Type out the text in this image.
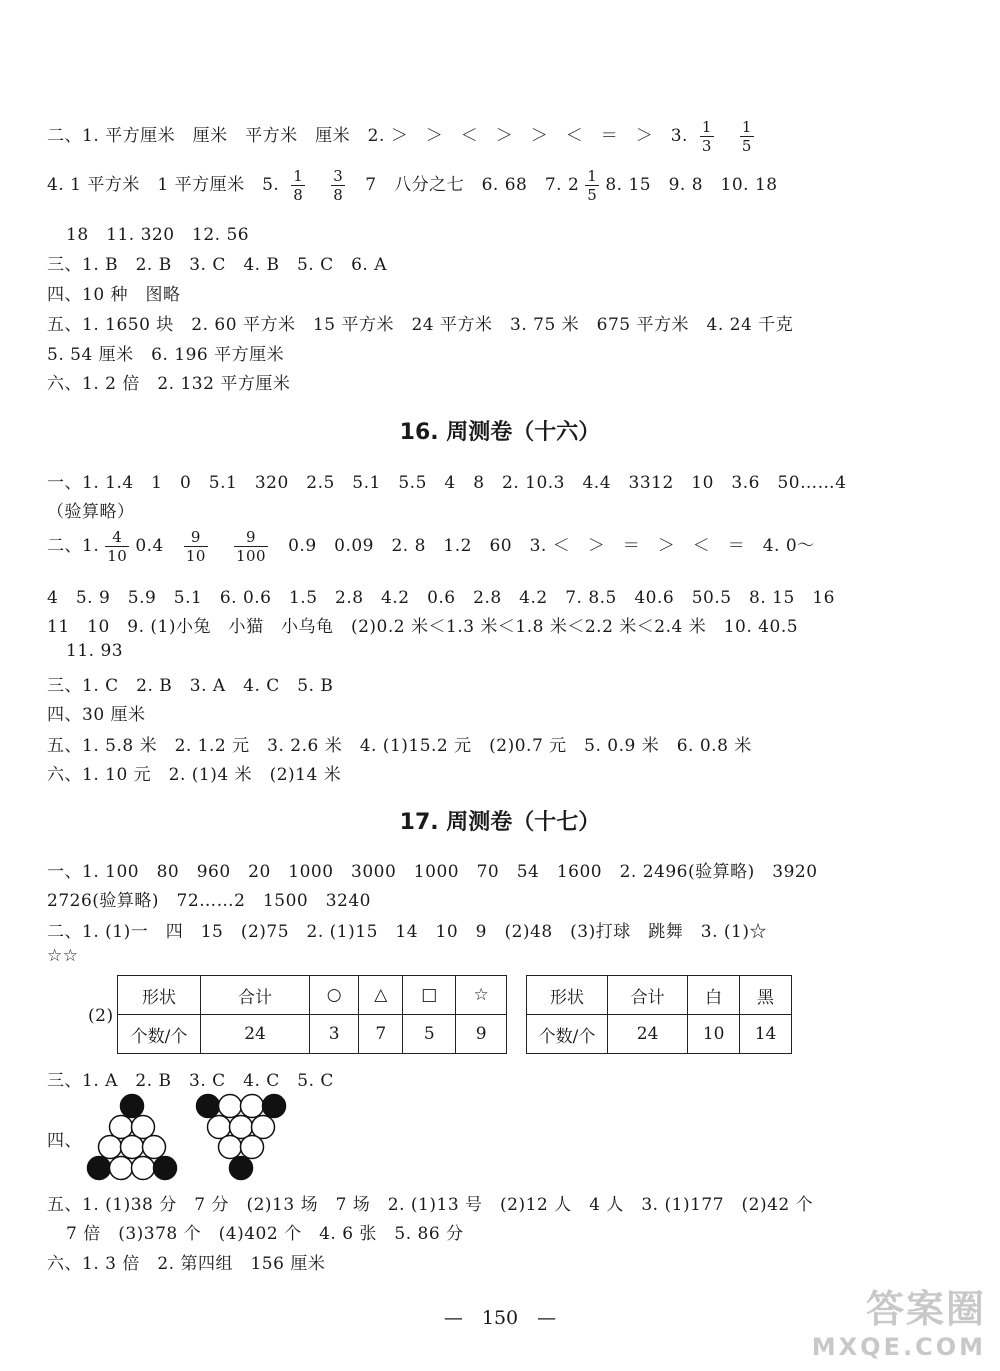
二、1. 平方厘米　厘米　平方米　厘米　2. ＞　＞　＜　＞　＞　＜　＝　＞　3. $\frac{1}{3} \frac{1}{5}$
4. 1 平方米　1 平方厘米　5. $\frac{1}{8} \frac{3}{8} 7$　八分之七　6. 68　7. $2 \frac{1}{5} 8$. 15　9. 8　10. 18
18　11. 320　12. 56
三、1. B　2. B　3. C　4. B　5. C　6. A
四、10 种　图略
五、1. 1650 块　2. 60 平方米　15 平方米　24 平方米　3. 75 米　675 平方米　4. 24 千克
5. 54 厘米　6. 196 平方厘米
六、1. 2 倍　2. 132 平方厘米
16. 周测卷（十六）
一、1. 1.4　1　0　5.1　320　2.5　5.1　5.5　4　8　2. 10.3　4.4　3312　10　3.6　50……4
（验算略）
二、1. $\frac{4}{10} 0.4 \frac{9}{10} \frac{9}{100} 0.9$　0.09　2. 8　1.2　60　3. ＜　＞　＝　＞　＜　＝　4. 0～
4　5. 9　5.9　5.1　6. 0.6　1.5　2.8　4.2　0.6　2.8　4.2　7. 8.5　40.6　50.5　8. 15　16
11　10　9. (1)小兔　小猫　小乌龟　(2)0.2 米＜1.3 米＜1.8 米＜2.2 米＜2.4 米　10. 40.5
11. 93
三、1. C　2. B　3. A　4. C　5. B
四、30 厘米
五、1. 5.8 米　2. 1.2 元　3. 2.6 米　4. (1)15.2 元　(2)0.7 元　5. 0.9 米　6. 0.8 米
六、1. 10 元　2. (1)4 米　(2)14 米
17. 周测卷（十七）
一、1. 100　80　960　20　1000　3000　1000　70　54　1600　2. 2496(验算略)　3920
2726(验算略)　72……2　1500　3240
二、1. (1)一　四　15　(2)75　2. (1)15　14　10　9　(2)48　(3)打球　跳舞　3. (1)☆
☆☆
(2)
形状	合计	○	△	□	☆
个数/个	24	3	7	5	9
形状	合计	白	黑
个数/个	24	10	14
三、1. A　2. B　3. C　4. C　5. C
四、
五、1. (1)38 分　7 分　(2)13 场　7 场　2. (1)13 号　(2)12 人　4 人　3. (1)177　(2)42 个
7 倍　(3)378 个　(4)402 个　4. 6 张　5. 86 分
六、1. 3 倍　2. 第四组　156 厘米
—　150　—	答案圈
MXQE.COM
